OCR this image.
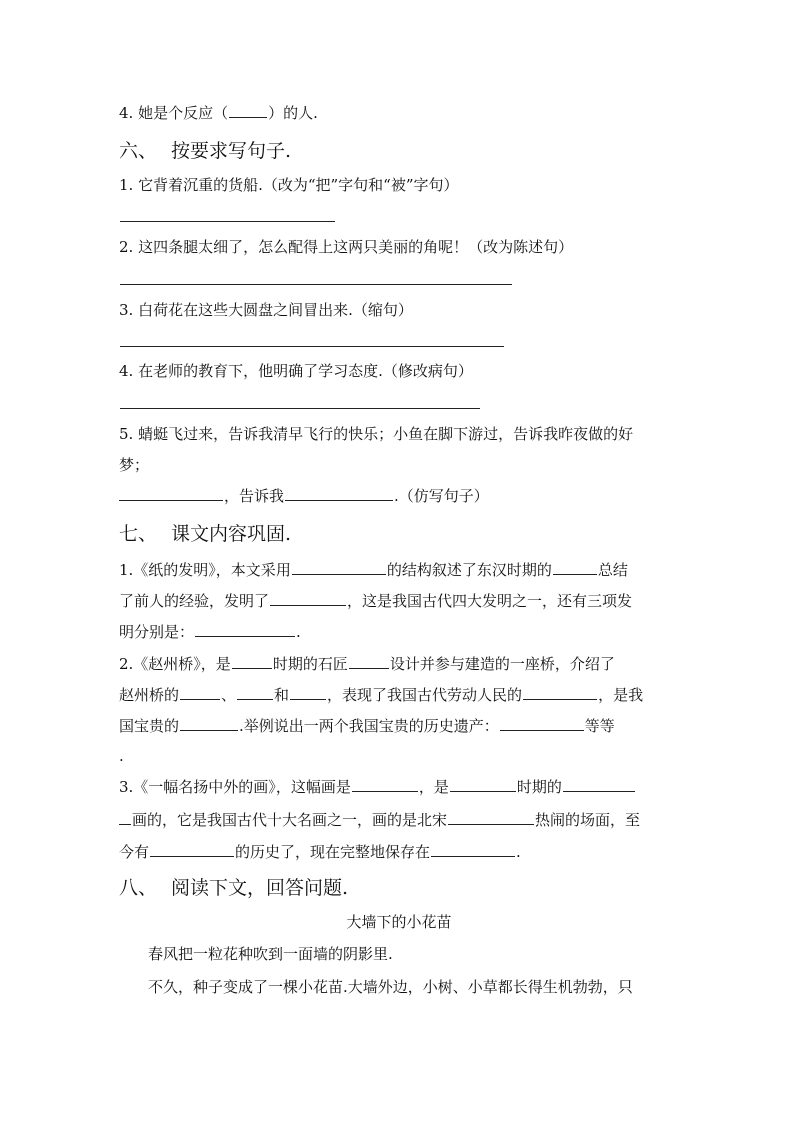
4. 她是个反应（	）的人.
六、 按要求写句子.
1. 它背着沉重的货船.（改为“把”字句和“被”字句）
2. 这四条腿太细了，怎么配得上这两只美丽的角呢！（改为陈述句）
3. 白荷花在这些大圆盘之间冒出来.（缩句）
4. 在老师的教育下，他明确了学习态度.（修改病句）
5. 蜻蜓飞过来，告诉我清早飞行的快乐；小鱼在脚下游过，告诉我昨夜做的好
梦；
，告诉我	.（仿写句子）
七、 课文内容巩固.
1.《纸的发明》，本文采用	的结构叙述了东汉时期的	总结
了前人的经验，发明了	，这是我国古代四大发明之一，还有三项发
明分别是：	.
2.《赵州桥》，是	时期的石匠	设计并参与建造的一座桥，介绍了
赵州桥的	、	和	，表现了我国古代劳动人民的	，是我
国宝贵的	.举例说出一两个我国宝贵的历史遗产：	等等
.
3.《一幅名扬中外的画》，这幅画是	，是	时期的
画的，它是我国古代十大名画之一，画的是北宋	热闹的场面，至
今有	的历史了，现在完整地保存在	.
八、 阅读下文，回答问题.
大墙下的小花苗
春风把一粒花种吹到一面墙的阴影里.
不久，种子变成了一棵小花苗.大墙外边，小树、小草都长得生机勃勃，只
